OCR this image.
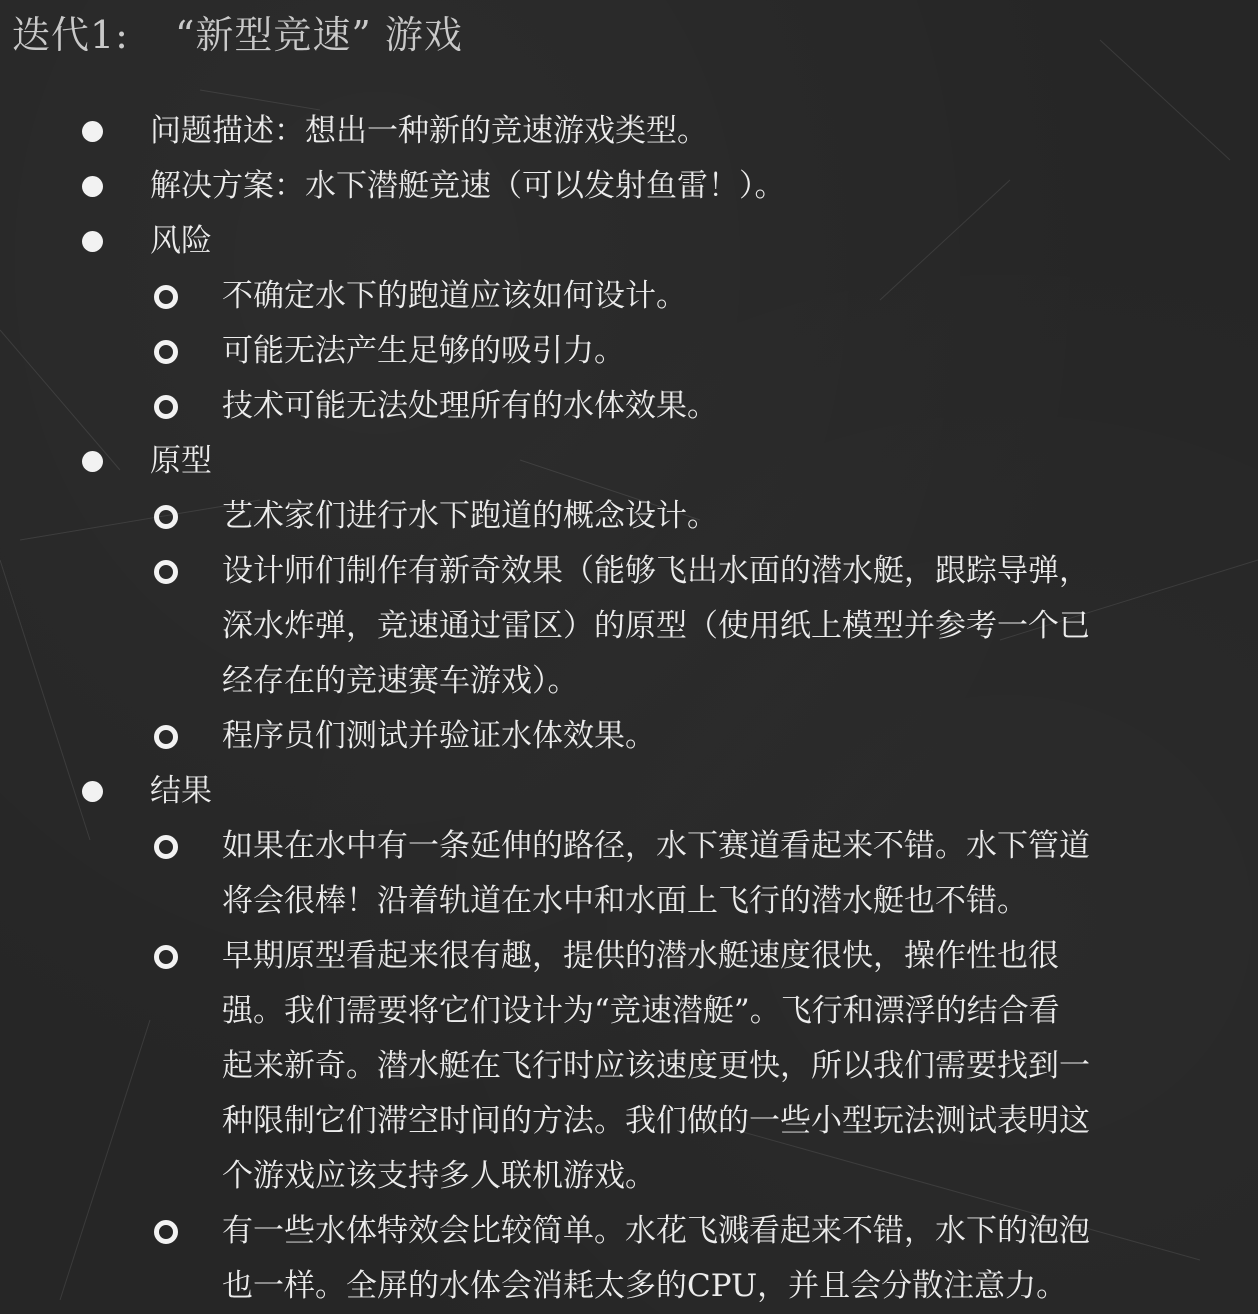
迭代1: “新型竞速” 游戏
问题描述：想出一种新的竞速游戏类型。
解决方案：水下潜艇竞速（可以发射鱼雷！）。
风险
不确定水下的跑道应该如何设计。
可能无法产生足够的吸引力。
技术可能无法处理所有的水体效果。
原型
艺术家们进行水下跑道的概念设计。
设计师们制作有新奇效果（能够飞出水面的潜水艇，跟踪导弹，
深水炸弹，竞速通过雷区）的原型（使用纸上模型并参考一个已
经存在的竞速赛车游戏）。
程序员们测试并验证水体效果。
结果
如果在水中有一条延伸的路径，水下赛道看起来不错。水下管道
将会很棒！沿着轨道在水中和水面上飞行的潜水艇也不错。
早期原型看起来很有趣，提供的潜水艇速度很快，操作性也很
强。我们需要将它们设计为“竞速潜艇”。飞行和漂浮的结合看
起来新奇。潜水艇在飞行时应该速度更快，所以我们需要找到一
种限制它们滞空时间的方法。我们做的一些小型玩法测试表明这
个游戏应该支持多人联机游戏。
有一些水体特效会比较简单。水花飞溅看起来不错，水下的泡泡
也一样。全屏的水体会消耗太多的CPU，并且会分散注意力。
